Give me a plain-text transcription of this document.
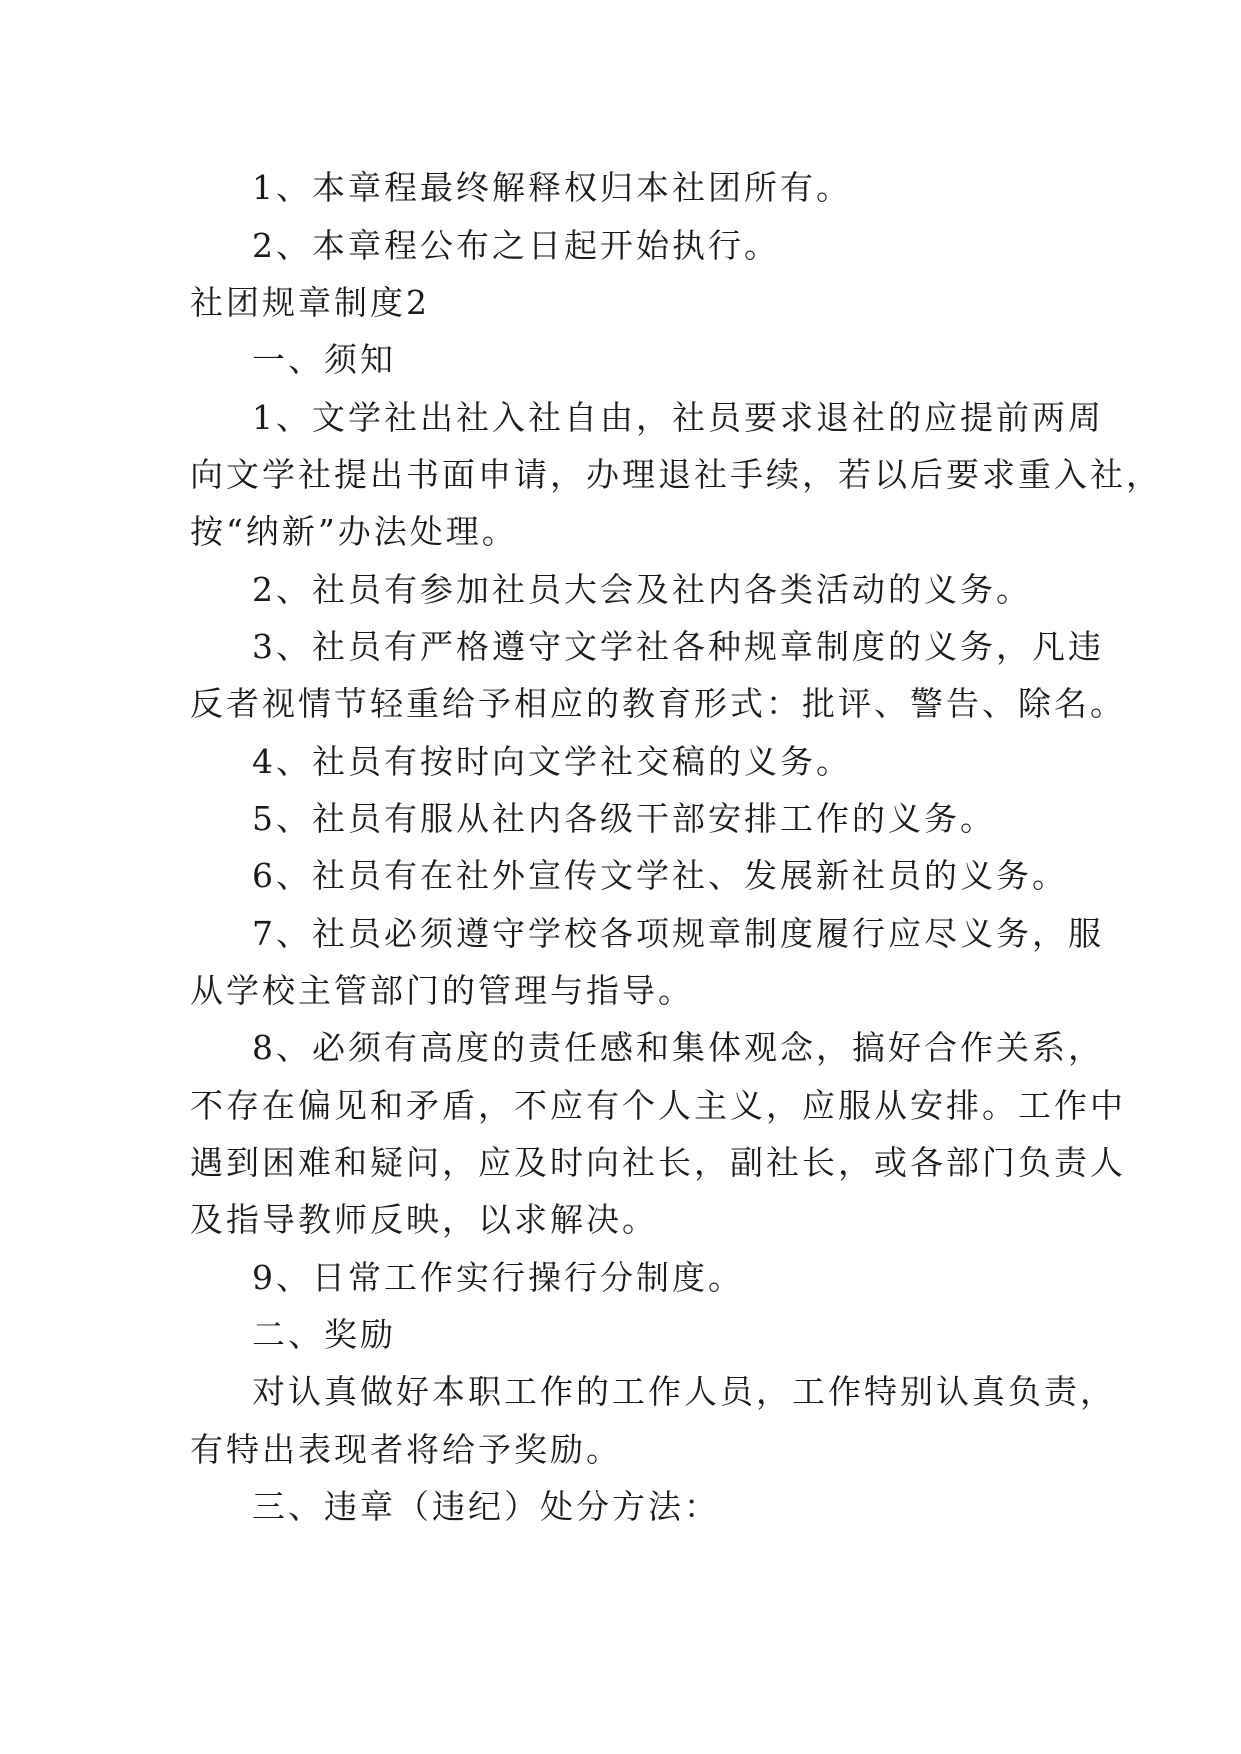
1、本章程最终解释权归本社团所有。
2、本章程公布之日起开始执行。
社团规章制度2
一、须知
1、文学社出社入社自由，社员要求退社的应提前两周
向文学社提出书面申请，办理退社手续，若以后要求重入社，
按“纳新”办法处理。
2、社员有参加社员大会及社内各类活动的义务。
3、社员有严格遵守文学社各种规章制度的义务，凡违
反者视情节轻重给予相应的教育形式：批评、警告、除名。
4、社员有按时向文学社交稿的义务。
5、社员有服从社内各级干部安排工作的义务。
6、社员有在社外宣传文学社、发展新社员的义务。
7、社员必须遵守学校各项规章制度履行应尽义务，服
从学校主管部门的管理与指导。
8、必须有高度的责任感和集体观念，搞好合作关系，
不存在偏见和矛盾，不应有个人主义，应服从安排。工作中
遇到困难和疑问，应及时向社长，副社长，或各部门负责人
及指导教师反映，以求解决。
9、日常工作实行操行分制度。
二、奖励
对认真做好本职工作的工作人员，工作特别认真负责，
有特出表现者将给予奖励。
三、违章（违纪）处分方法：
